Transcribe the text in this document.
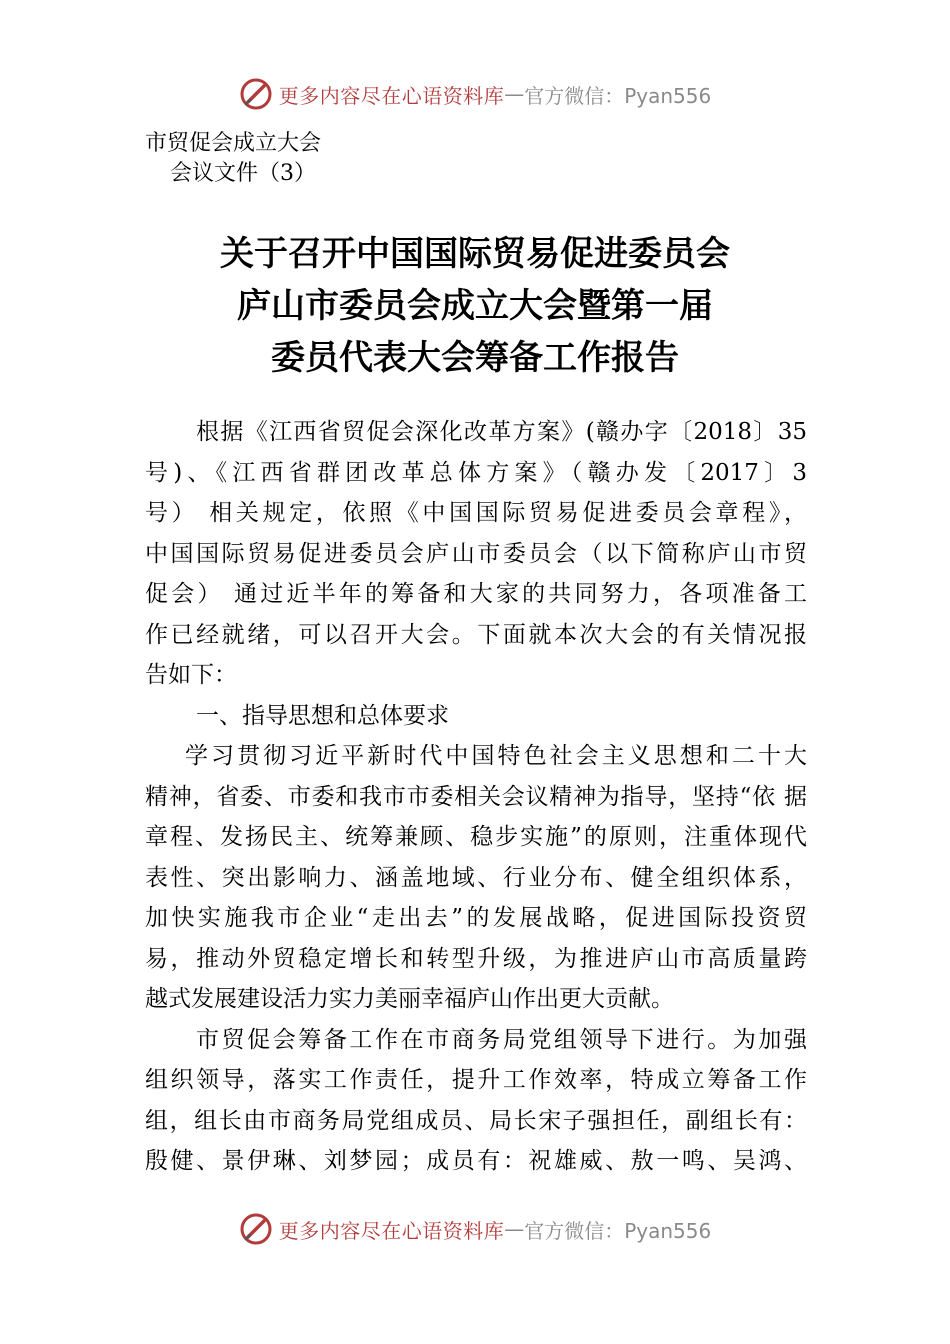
更多内容尽在心语资料库 — 官方微信：Pyan556
市贸促会成立大会
会议文件（3）
关于召开中国国际贸易促进委员会
庐山市委员会成立大会暨第一届
委员代表大会筹备工作报告
根据《江西省贸促会深化改革方案》(赣办字〔2018〕35
号)、《江西省群团改革总体方案》（赣办发〔2017〕3
号） 相关规定，依照《中国国际贸易促进委员会章程》，
中国国际贸易促进委员会庐山市委员会（以下简称庐山市贸
促会） 通过近半年的筹备和大家的共同努力，各项准备工
作已经就绪，可以召开大会。下面就本次大会的有关情况报
告如下：
一、指导思想和总体要求
学习贯彻习近平新时代中国特色社会主义思想和二十大
精神，省委、市委和我市市委相关会议精神为指导，坚持“依 据
章程、发扬民主、统筹兼顾、稳步实施”的原则，注重体现代
表性、突出影响力、涵盖地域、行业分布、健全组织体系，
加快实施我市企业“走出去”的发展战略，促进国际投资贸
易，推动外贸稳定增长和转型升级，为推进庐山市高质量跨
越式发展建设活力实力美丽幸福庐山作出更大贡献。
市贸促会筹备工作在市商务局党组领导下进行。为加强
组织领导，落实工作责任，提升工作效率，特成立筹备工作
组，组长由市商务局党组成员、局长宋子强担任，副组长有：
殷健、景伊琳、刘梦园；成员有：祝雄威、敖一鸣、吴鸿、
更多内容尽在心语资料库 — 官方微信：Pyan556
